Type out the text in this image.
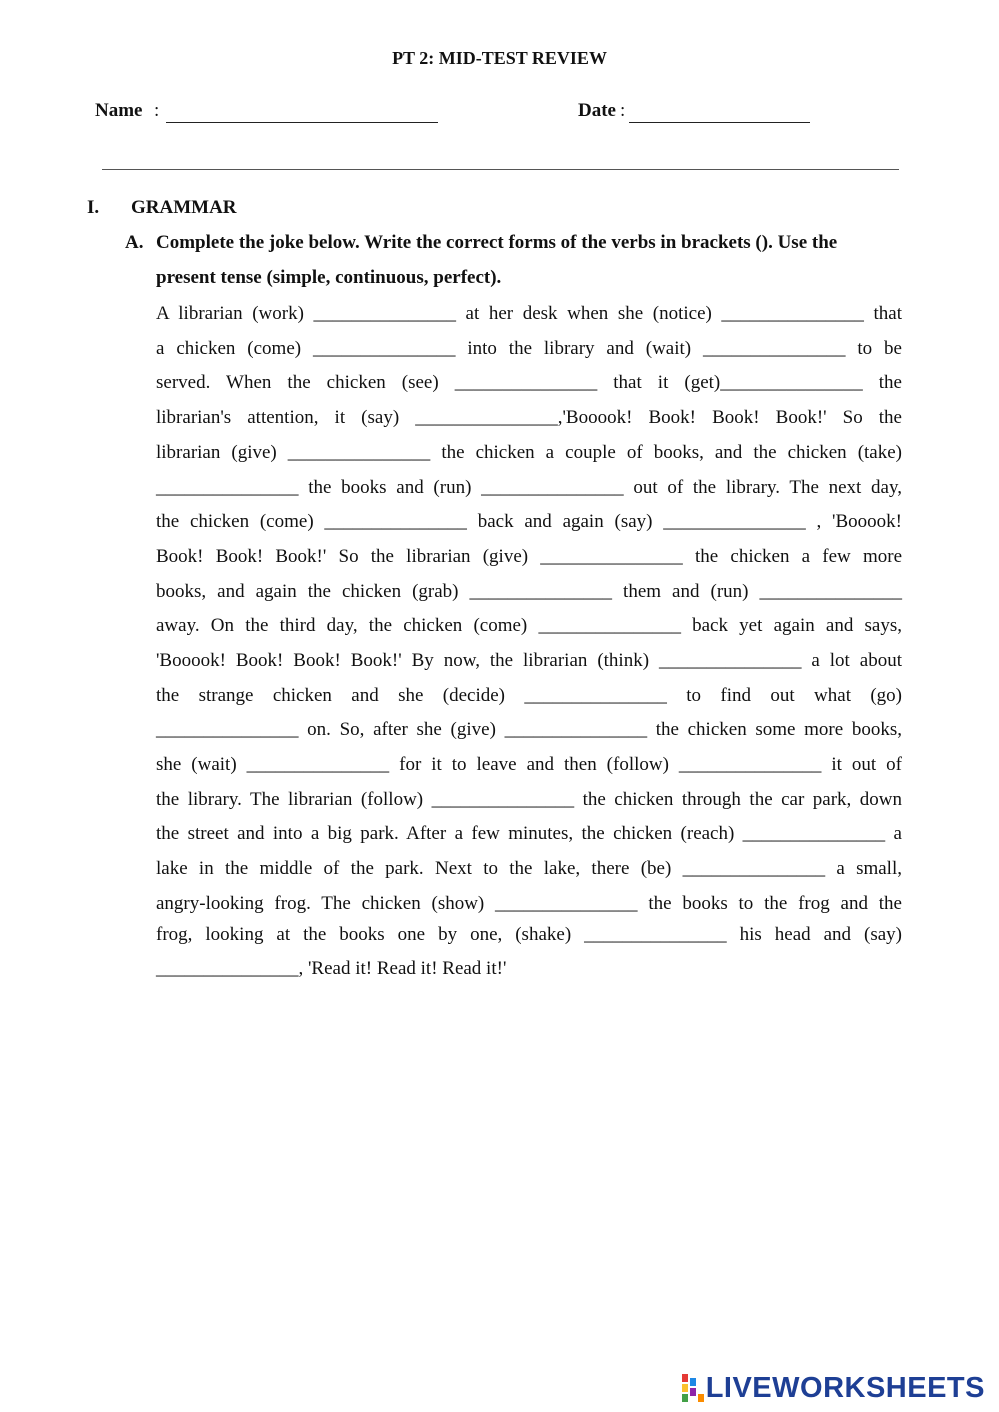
PT 2: MID-TEST REVIEW
Name :	Date :
I. GRAMMAR
A. Complete the joke below. Write the correct forms of the verbs in brackets (). Use the
present tense (simple, continuous, perfect).
A librarian (work) _______________ at her desk when she (notice) _______________ that
a chicken (come) _______________ into the library and (wait) _______________ to be
served. When the chicken (see) _______________ that it (get)_______________ the
librarian's attention, it (say) _______________,'Booook! Book! Book! Book!' So the
librarian (give) _______________ the chicken a couple of books, and the chicken (take)
_______________ the books and (run) _______________ out of the library. The next day,
the chicken (come) _______________ back and again (say) _______________ , 'Booook!
Book! Book! Book!' So the librarian (give) _______________ the chicken a few more
books, and again the chicken (grab) _______________ them and (run) _______________
away. On the third day, the chicken (come) _______________ back yet again and says,
'Booook! Book! Book! Book!' By now, the librarian (think) _______________ a lot about
the strange chicken and she (decide) _______________ to find out what (go)
_______________ on. So, after she (give) _______________ the chicken some more books,
she (wait) _______________ for it to leave and then (follow) _______________ it out of
the library. The librarian (follow) _______________ the chicken through the car park, down
the street and into a big park. After a few minutes, the chicken (reach) _______________ a
lake in the middle of the park. Next to the lake, there (be) _______________ a small,
angry-looking frog. The chicken (show) _______________ the books to the frog and the
frog, looking at the books one by one, (shake) _______________ his head and (say)
_______________, 'Read it! Read it! Read it!'
LIVEWORKSHEETS
